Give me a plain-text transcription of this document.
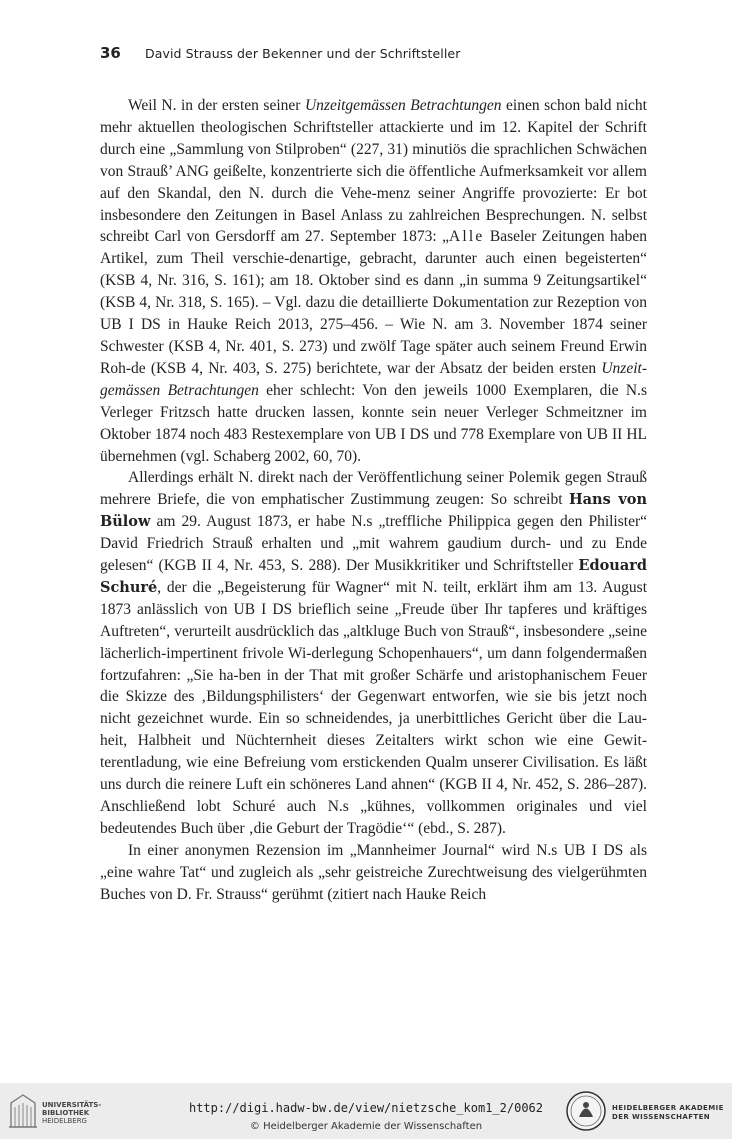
36 David Strauss der Bekenner und der Schriftsteller

Weil N. in der ersten seiner Unzeitgemässen Betrachtungen einen schon bald nicht mehr aktuellen theologischen Schriftsteller attackierte und im 12. Kapitel der Schrift durch eine „Sammlung von Stilproben“ (227, 31) minutiös die sprachlichen Schwächen von Strauß’ ANG geißelte, konzentrierte sich die öffentliche Aufmerksamkeit vor allem auf den Skandal, den N. durch die Vehe-menz seiner Angriffe provozierte: Er bot insbesondere den Zeitungen in Basel Anlass zu zahlreichen Besprechungen. N. selbst schreibt Carl von Gersdorff am 27. September 1873: „Alle Baseler Zeitungen haben Artikel, zum Theil verschie-denartige, gebracht, darunter auch einen begeisterten“ (KSB 4, Nr. 316, S. 161); am 18. Oktober sind es dann „in summa 9 Zeitungsartikel“ (KSB 4, Nr. 318, S. 165). – Vgl. dazu die detaillierte Dokumentation zur Rezeption von UB I DS in Hauke Reich 2013, 275–456. – Wie N. am 3. November 1874 seiner Schwester (KSB 4, Nr. 401, S. 273) und zwölf Tage später auch seinem Freund Erwin Roh-de (KSB 4, Nr. 403, S. 275) berichtete, war der Absatz der beiden ersten Unzeit-gemässen Betrachtungen eher schlecht: Von den jeweils 1000 Exemplaren, die N.s Verleger Fritzsch hatte drucken lassen, konnte sein neuer Verleger Schmeitzner im Oktober 1874 noch 483 Restexemplare von UB I DS und 778 Exemplare von UB II HL übernehmen (vgl. Schaberg 2002, 60, 70).

Allerdings erhält N. direkt nach der Veröffentlichung seiner Polemik gegen Strauß mehrere Briefe, die von emphatischer Zustimmung zeugen: So schreibt Hans von Bülow am 29. August 1873, er habe N.s „treffliche Philippica gegen den Philister“ David Friedrich Strauß erhalten und „mit wahrem gaudium durch- und zu Ende gelesen“ (KGB II 4, Nr. 453, S. 288). Der Musikkritiker und Schriftsteller Edouard Schuré, der die „Begeisterung für Wagner“ mit N. teilt, erklärt ihm am 13. August 1873 anlässlich von UB I DS brieflich seine „Freude über Ihr tapferes und kräftiges Auftreten“, verurteilt ausdrücklich das „altkluge Buch von Strauß“, insbesondere „seine lächerlich-impertinent frivole Wi-derlegung Schopenhauers“, um dann folgendermaßen fortzufahren: „Sie ha-ben in der That mit großer Schärfe und aristophanischem Feuer die Skizze des ‚Bildungsphilisters‘ der Gegenwart entworfen, wie sie bis jetzt noch nicht gezeichnet wurde. Ein so schneidendes, ja unerbittliches Gericht über die Lau-heit, Halbheit und Nüchternheit dieses Zeitalters wirkt schon wie eine Gewit-terentladung, wie eine Befreiung vom erstickenden Qualm unserer Civilisation. Es läßt uns durch die reinere Luft ein schöneres Land ahnen“ (KGB II 4, Nr. 452, S. 286–287). Anschließend lobt Schuré auch N.s „kühnes, vollkommen originales und viel bedeutendes Buch über ‚die Geburt der Tragödie‘“ (ebd., S. 287).

In einer anonymen Rezension im „Mannheimer Journal“ wird N.s UB I DS als „eine wahre Tat“ und zugleich als „sehr geistreiche Zurechtweisung des vielgerühmten Buches von D. Fr. Strauss“ gerühmt (zitiert nach Hauke Reich

UNIVERSITÄTS-
BIBLIOTHEK
HEIDELBERG
http://digi.hadw-bw.de/view/nietzsche_kom1_2/0062
© Heidelberger Akademie der Wissenschaften
HEIDELBERGER AKADEMIE
DER WISSENSCHAFTEN
